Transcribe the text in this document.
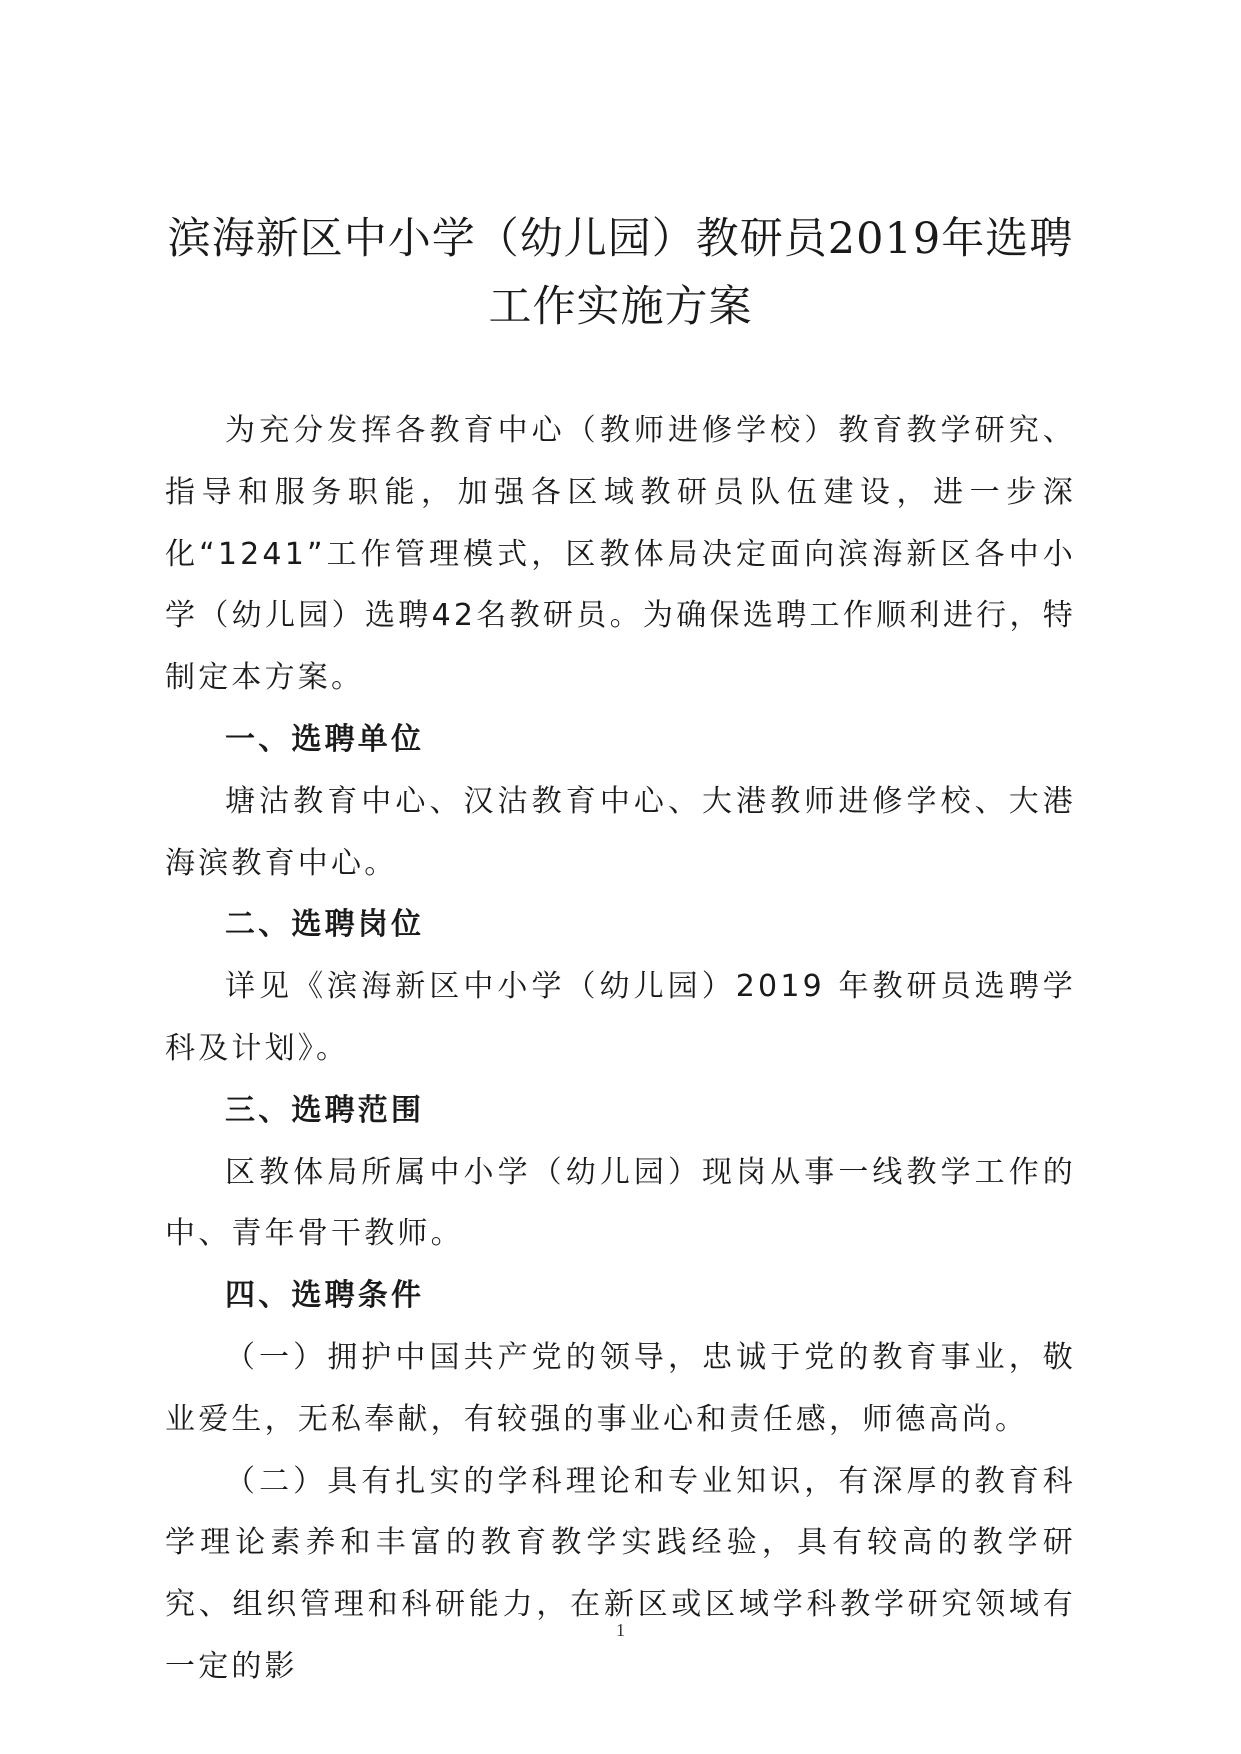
滨海新区中小学（幼儿园）教研员2019年选聘
工作实施方案

为充分发挥各教育中心（教师进修学校）教育教学研究、指导和服务职能，加强各区域教研员队伍建设，进一步深化“1241”工作管理模式，区教体局决定面向滨海新区各中小学（幼儿园）选聘42名教研员。为确保选聘工作顺利进行，特制定本方案。

一、选聘单位

塘沽教育中心、汉沽教育中心、大港教师进修学校、大港海滨教育中心。

二、选聘岗位

详见《滨海新区中小学（幼儿园）2019 年教研员选聘学科及计划》。

三、选聘范围

区教体局所属中小学（幼儿园）现岗从事一线教学工作的中、青年骨干教师。

四、选聘条件

（一）拥护中国共产党的领导，忠诚于党的教育事业，敬业爱生，无私奉献，有较强的事业心和责任感，师德高尚。

（二）具有扎实的学科理论和专业知识，有深厚的教育科学理论素养和丰富的教育教学实践经验，具有较高的教学研究、组织管理和科研能力，在新区或区域学科教学研究领域有一定的影

1
